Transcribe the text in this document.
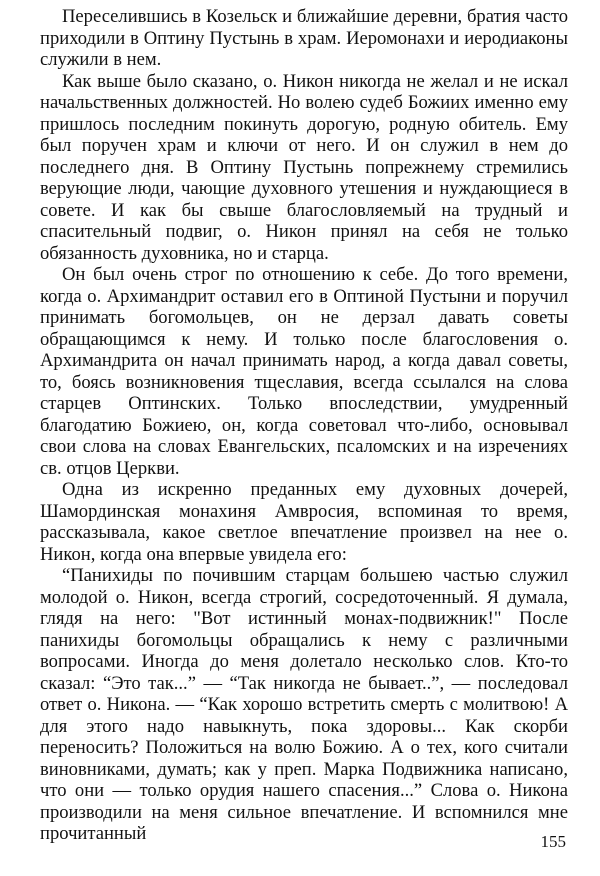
Переселившись в Козельск и ближайшие деревни, братия часто приходили в Оптину Пустынь в храм. Иеромонахи и иеродиаконы служили в нем.

Как выше было сказано, о. Никон никогда не желал и не искал начальственных должностей. Но волею судеб Божиих именно ему пришлось последним покинуть дорогую, родную обитель. Ему был поручен храм и ключи от него. И он служил в нем до последнего дня. В Оптину Пустынь попрежнему стремились верующие люди, чающие духовного утешения и нуждающиеся в совете. И как бы свыше благословляемый на трудный и спасительный подвиг, о. Никон принял на себя не только обязанность духовника, но и старца.

Он был очень строг по отношению к себе. До того времени, когда о. Архимандрит оставил его в Оптиной Пустыни и поручил принимать богомольцев, он не дерзал давать советы обращающимся к нему. И только после благословения о. Архимандрита он начал принимать народ, а когда давал советы, то, боясь возникновения тщеславия, всегда ссылался на слова старцев Оптинских. Только впоследствии, умудренный благодатию Божиею, он, когда советовал что-либо, основывал свои слова на словах Евангельских, псаломских и на изречениях св. отцов Церкви.

Одна из искренно преданных ему духовных дочерей, Шамординская монахиня Амвросия, вспоминая то время, рассказывала, какое светлое впечатление произвел на нее о. Никон, когда она впервые увидела его:

“Панихиды по почившим старцам большею частью служил молодой о. Никон, всегда строгий, сосредоточенный. Я думала, глядя на него: "Вот истинный монах-подвижник!" После панихиды богомольцы обращались к нему с различными вопросами. Иногда до меня долетало несколько слов. Кто-то сказал: “Это так...” — “Так никогда не бывает..”, — последовал ответ о. Никона. — “Как хорошо встретить смерть с молитвою! А для этого надо навыкнуть, пока здоровы... Как скорби переносить? Положиться на волю Божию. А о тех, кого считали виновниками, думать; как у преп. Марка Подвижника написано, что они — только орудия нашего спасения...” Слова о. Никона производили на меня сильное впечатление. И вспомнился мне прочитанный	155
